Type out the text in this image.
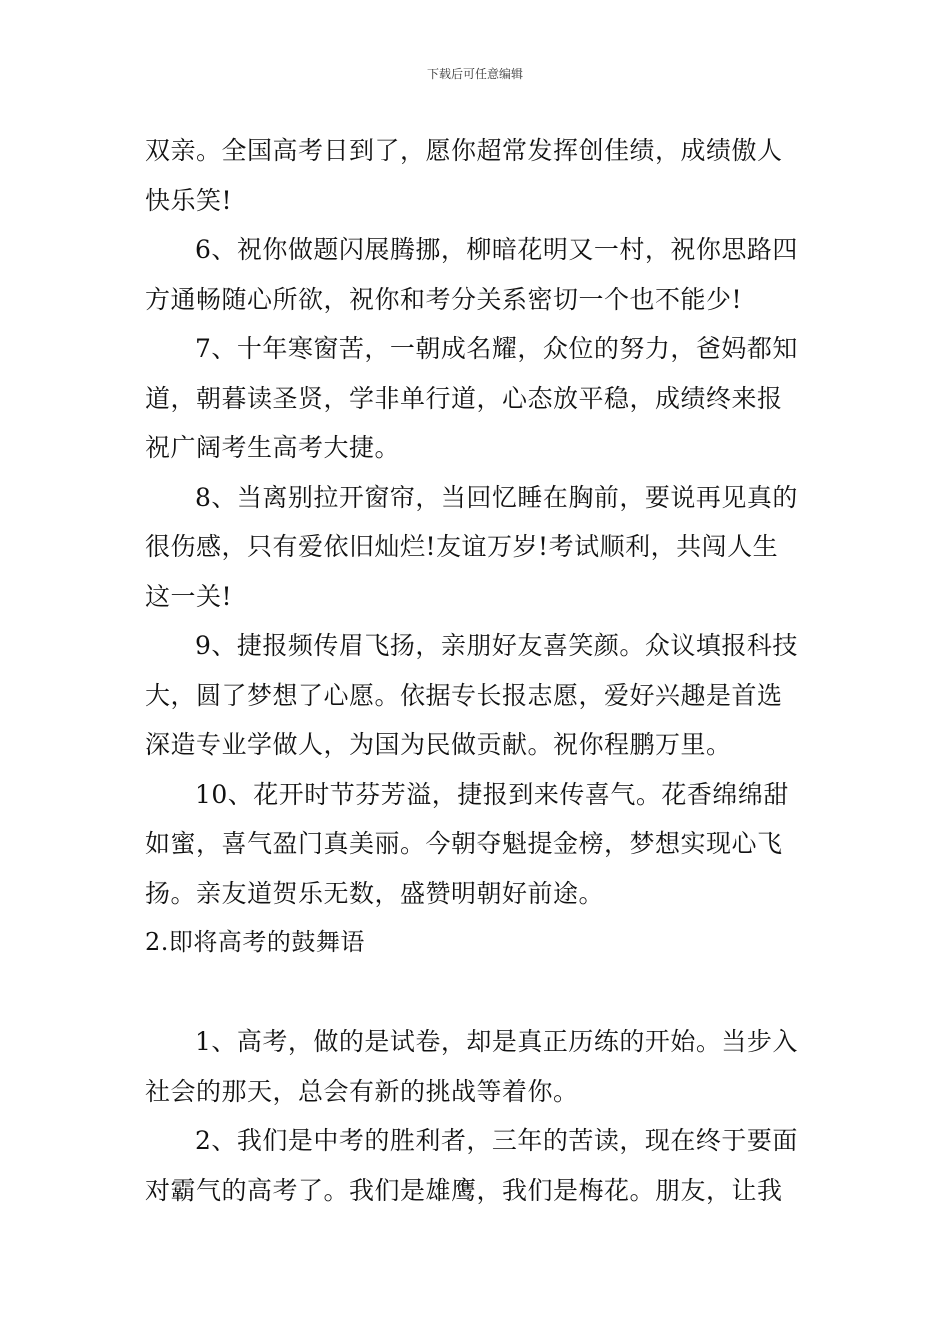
下载后可任意编辑
双亲。全国高考日到了，愿你超常发挥创佳绩，成绩傲人
快乐笑!
6、祝你做题闪展腾挪，柳暗花明又一村，祝你思路四
方通畅随心所欲，祝你和考分关系密切一个也不能少!
7、十年寒窗苦，一朝成名耀，众位的努力，爸妈都知
道，朝暮读圣贤，学非单行道，心态放平稳，成绩终来报
祝广阔考生高考大捷。
8、当离别拉开窗帘，当回忆睡在胸前，要说再见真的
很伤感，只有爱依旧灿烂!友谊万岁!考试顺利，共闯人生
这一关!
9、捷报频传眉飞扬，亲朋好友喜笑颜。众议填报科技
大，圆了梦想了心愿。依据专长报志愿，爱好兴趣是首选
深造专业学做人，为国为民做贡献。祝你程鹏万里。
10、花开时节芬芳溢，捷报到来传喜气。花香绵绵甜
如蜜，喜气盈门真美丽。今朝夺魁提金榜，梦想实现心飞
扬。亲友道贺乐无数，盛赞明朝好前途。
2.即将高考的鼓舞语
1、高考，做的是试卷，却是真正历练的开始。当步入
社会的那天，总会有新的挑战等着你。
2、我们是中考的胜利者，三年的苦读，现在终于要面
对霸气的高考了。我们是雄鹰，我们是梅花。朋友，让我
